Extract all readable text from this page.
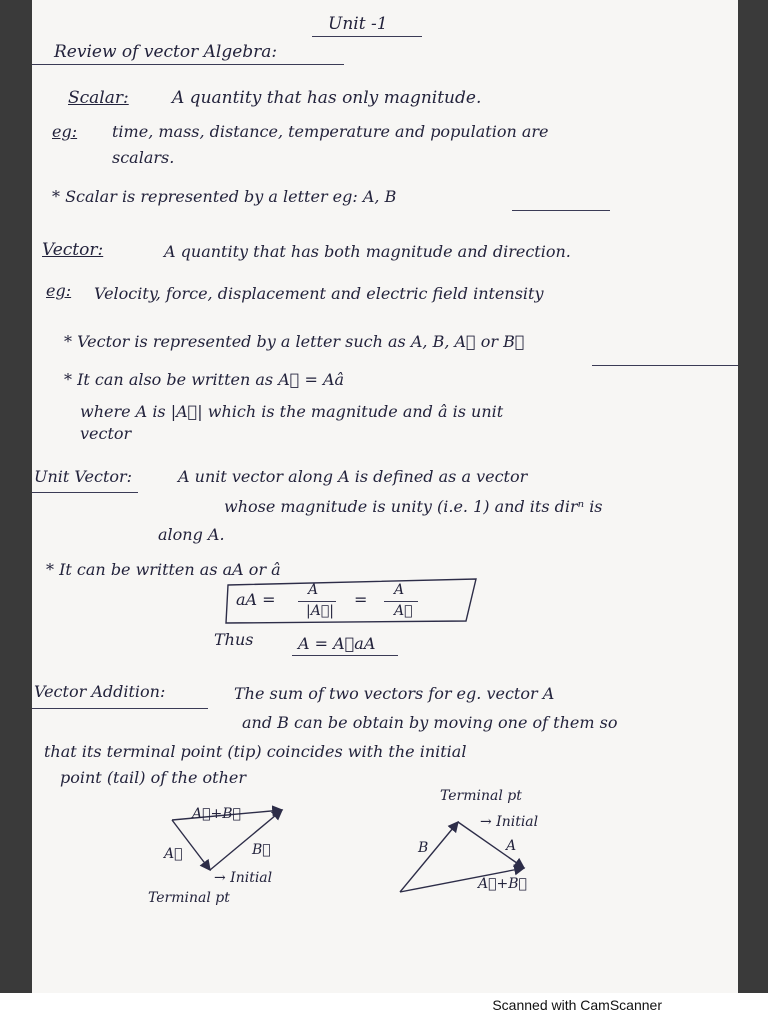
Unit -1
Review of vector Algebra:
Scalar:	A quantity that has only magnitude.
eg: time, mass, distance, temperature and population are
scalars.
* Scalar is represented by a letter eg: A, B
Vector:	A quantity that has both magnitude and direction.
eg: Velocity, force, displacement and electric field intensity
* Vector is represented by a letter such as A, B, A⃗ or B⃗
* It can also be written as A⃗ = Aâ
where A is |A⃗| which is the magnitude and â is unit
vector
Unit Vector:	A unit vector along A is defined as a vector
whose magnitude is unity (i.e. 1) and its dirⁿ is
along A.
* It can be written as aA or â
aA = A
|A⃗|
= A
A⃗
Thus	A = A⃗aA
Vector Addition:	The sum of two vectors for eg. vector A
and B can be obtain by moving one of them so
that its terminal point (tip) coincides with the initial
point (tail) of the other
A⃗+B⃗
A⃗	B⃗
→ Initial
Terminal pt
Terminal pt
→ Initial
A
B
A⃗+B⃗
Scanned with CamScanner
